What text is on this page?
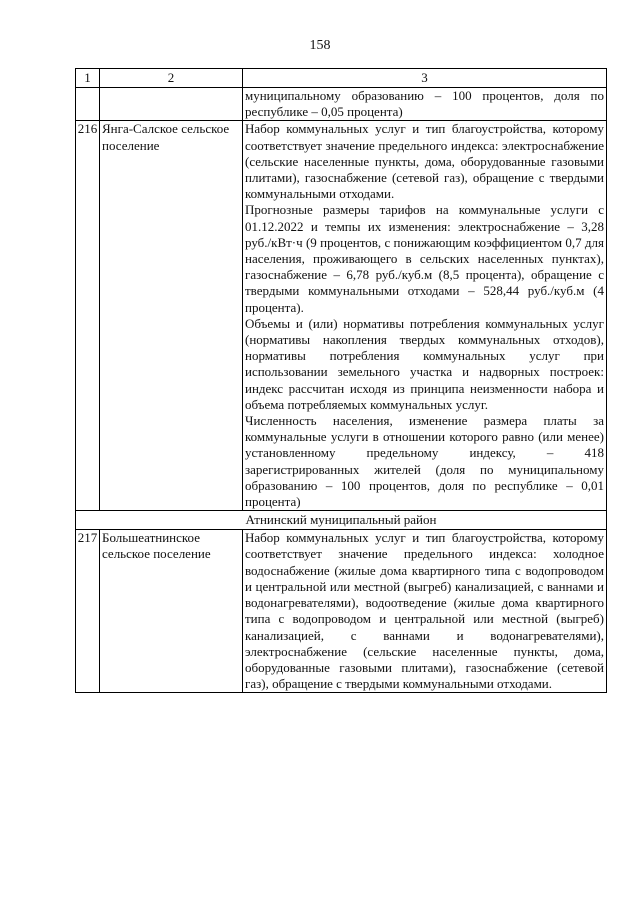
158
1	2	3

		муниципальному образованию – 100 процентов, доля по республике – 0,05 процента)

216	Янга-Салское сельское поселение	Набор коммунальных услуг и тип благоустройства, которому соответствует значение предельного индекса: электроснабжение (сельские населенные пункты, дома, оборудованные газовыми плитами), газоснабжение (сетевой газ), обращение с твердыми коммунальными отходами.

Прогнозные размеры тарифов на коммунальные услуги с 01.12.2022 и темпы их изменения: электроснабжение – 3,28 руб./кВт·ч (9 процентов, с понижающим коэффициентом 0,7 для населения, проживающего в сельских населенных пунктах), газоснабжение – 6,78 руб./куб.м (8,5 процента), обращение с твердыми коммунальными отходами – 528,44 руб./куб.м (4 процента).

Объемы и (или) нормативы потребления коммунальных услуг (нормативы накопления твердых коммунальных отходов), нормативы потребления коммунальных услуг при использовании земельного участка и надворных построек: индекс рассчитан исходя из принципа неизменности набора и объема потребляемых коммунальных услуг.

Численность населения, изменение размера платы за коммунальные услуги в отношении которого равно (или менее) установленному предельному индексу, – 418 зарегистрированных жителей (доля по муниципальному образованию – 100 процентов, доля по республике – 0,01 процента)

Атнинский муниципальный район		
217	Большеатнинское сельское поселение	Набор коммунальных услуг и тип благоустройства, которому соответствует значение предельного индекса: холодное водоснабжение (жилые дома квартирного типа с водопроводом и центральной или местной (выгреб) канализацией, с ваннами и водонагревателями), водоотведение (жилые дома квартирного типа с водопроводом и центральной или местной (выгреб) канализацией, с ваннами и водонагревателями), электроснабжение (сельские населенные пункты, дома, оборудованные газовыми плитами), газоснабжение (сетевой газ), обращение с твердыми коммунальными отходами.
